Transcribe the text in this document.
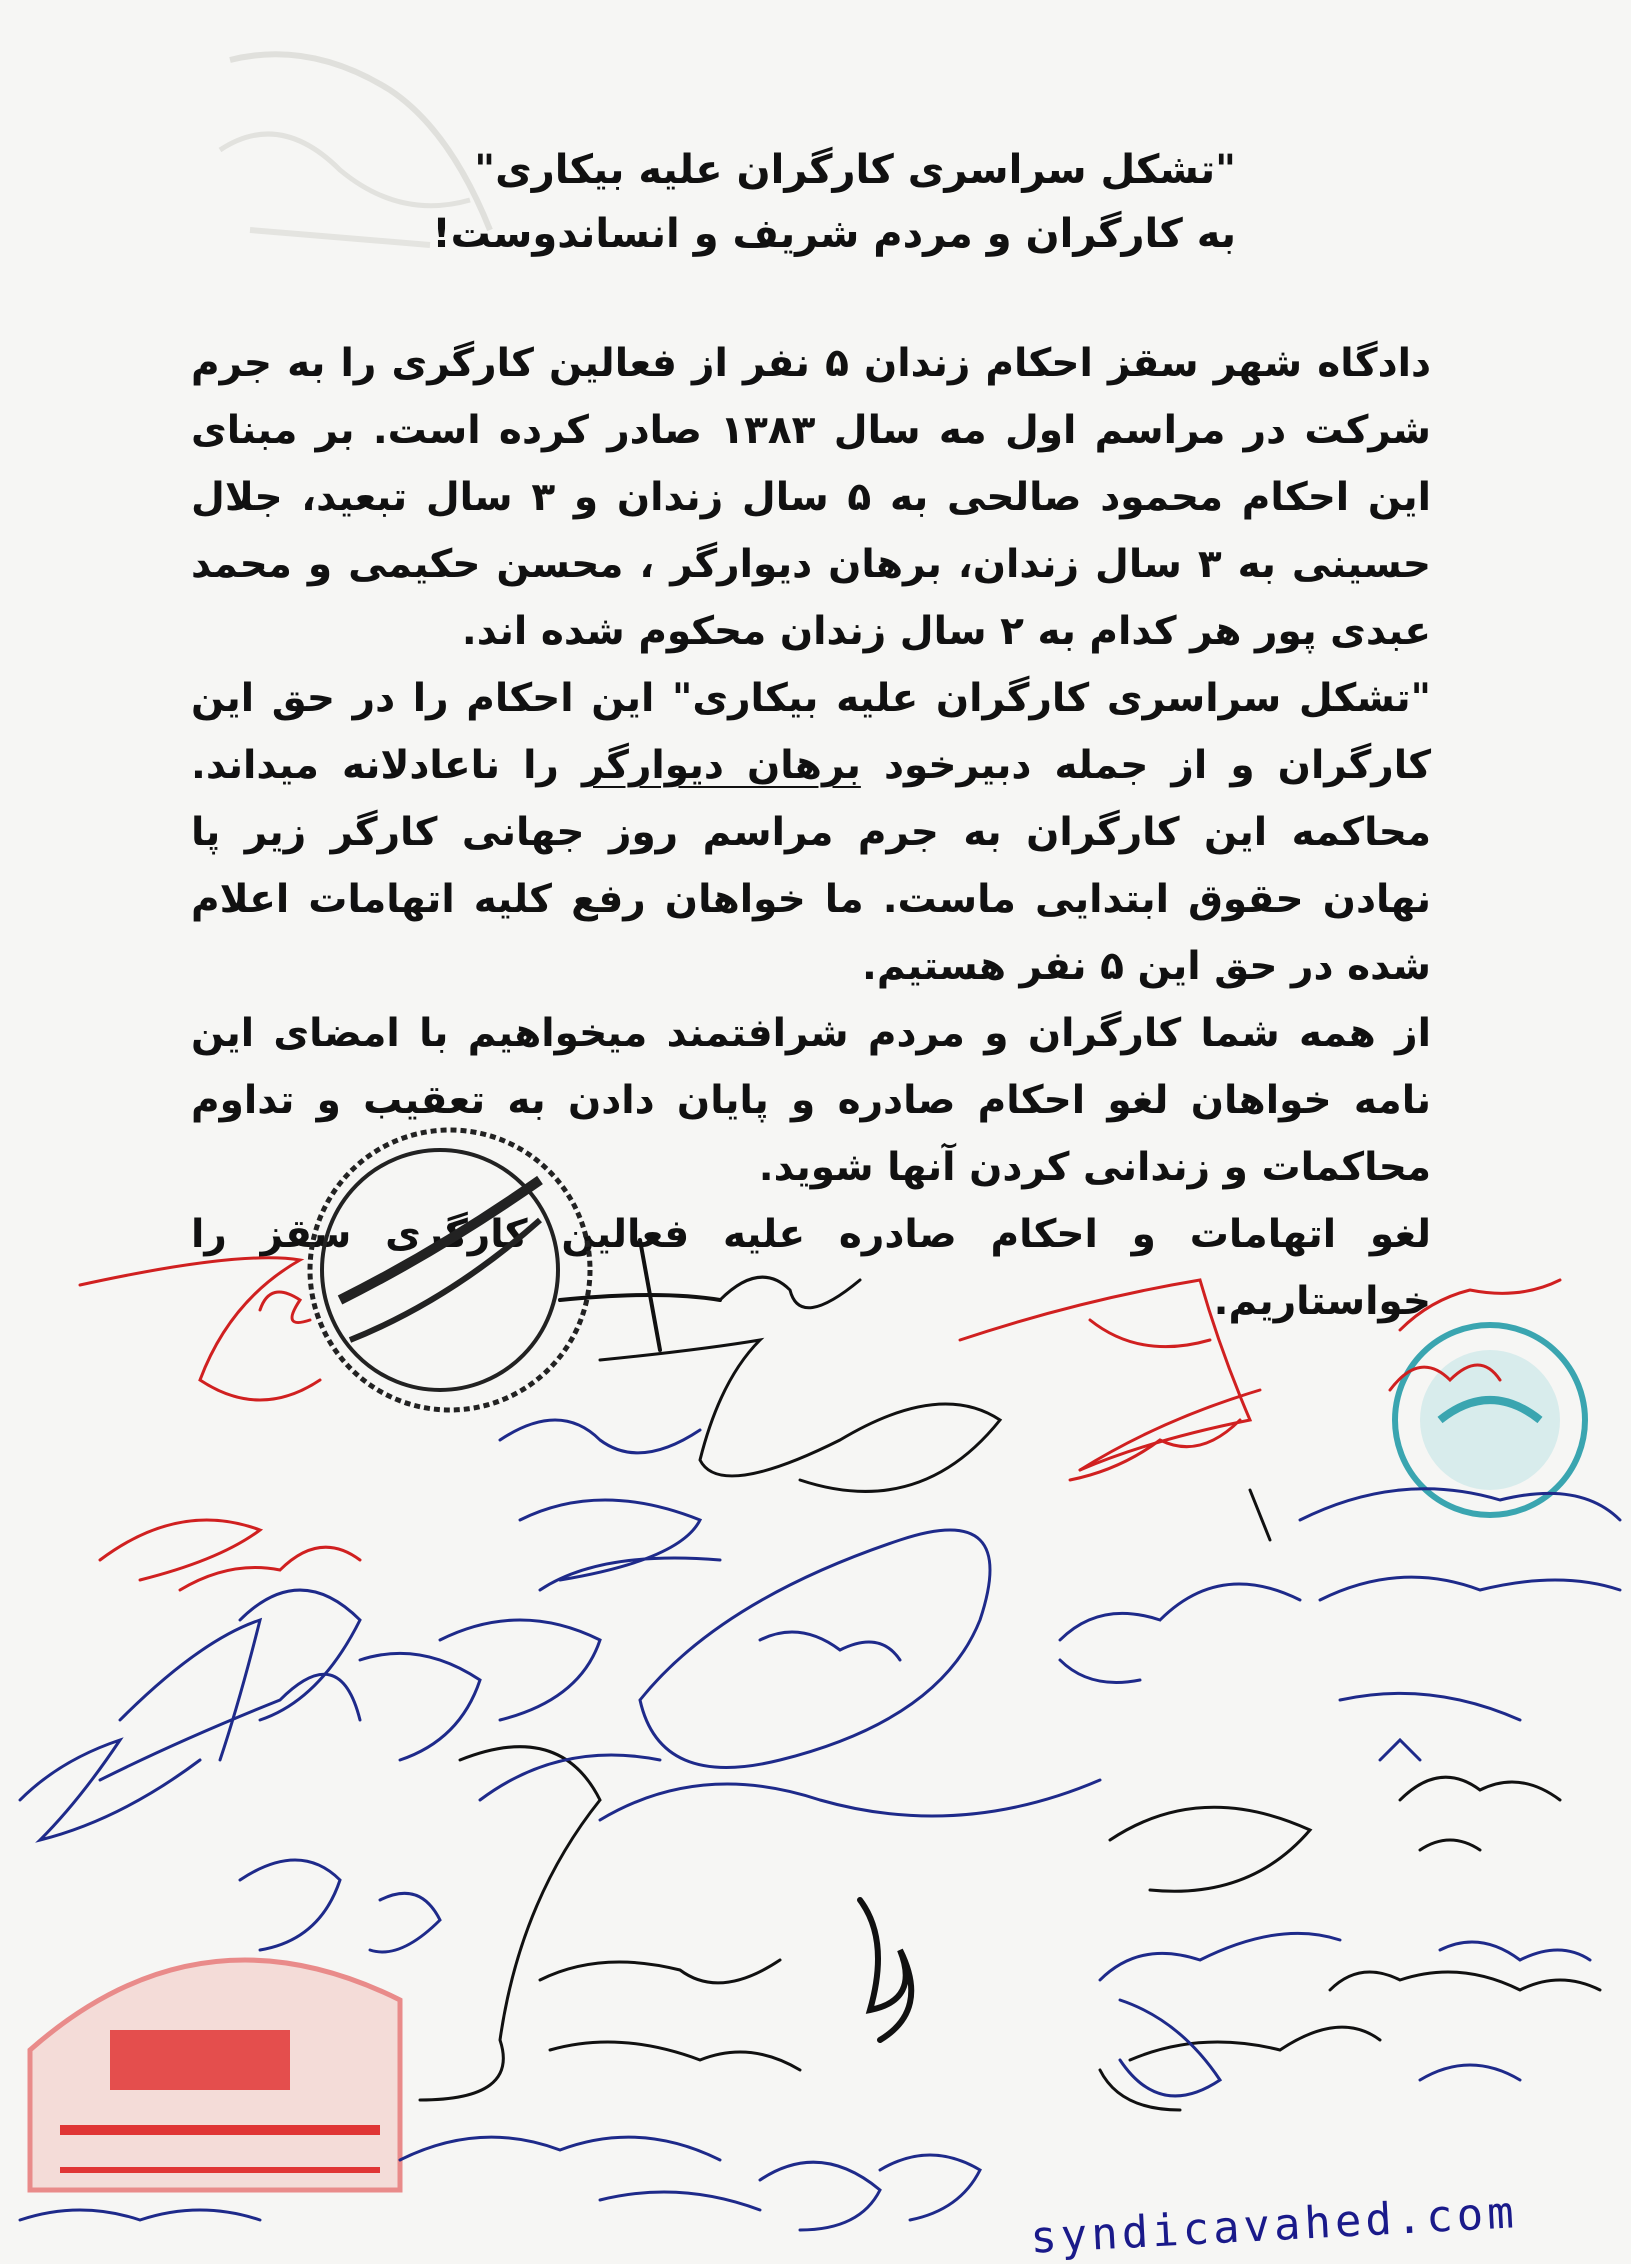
"تشکل سراسری کارگران علیه بیکاری"
به کارگران و مردم شریف و انساندوست!

دادگاه شهر سقز احکام زندان ۵ نفر از فعالین کارگری را به جرم شرکت در مراسم اول مه سال ۱۳۸۳ صادر کرده است. بر مبنای این احکام محمود صالحی به ۵ سال زندان و ۳ سال تبعید، جلال حسینی به ۳ سال زندان، برهان دیوارگر ، محسن حکیمی و محمد عبدی پور هر کدام به ۲ سال زندان محکوم شده اند.

"تشکل سراسری کارگران علیه بیکاری" این احکام را در حق این کارگران و از جمله دبیرخود برهان دیوارگر را ناعادلانه میداند. محاکمه این کارگران به جرم مراسم روز جهانی کارگر زیر پا نهادن حقوق ابتدایی ماست. ما خواهان رفع کلیه اتهامات اعلام شده در حق این ۵ نفر هستیم.

از همه شما کارگران و مردم شرافتمند میخواهیم با امضای این نامه خواهان لغو احکام صادره و پایان دادن به تعقیب و تداوم محاکمات و زندانی کردن آنها شوید.

لغو اتهامات و احکام صادره علیه فعالین کارگری سقز را خواستاریم.

syndicavahed.com
